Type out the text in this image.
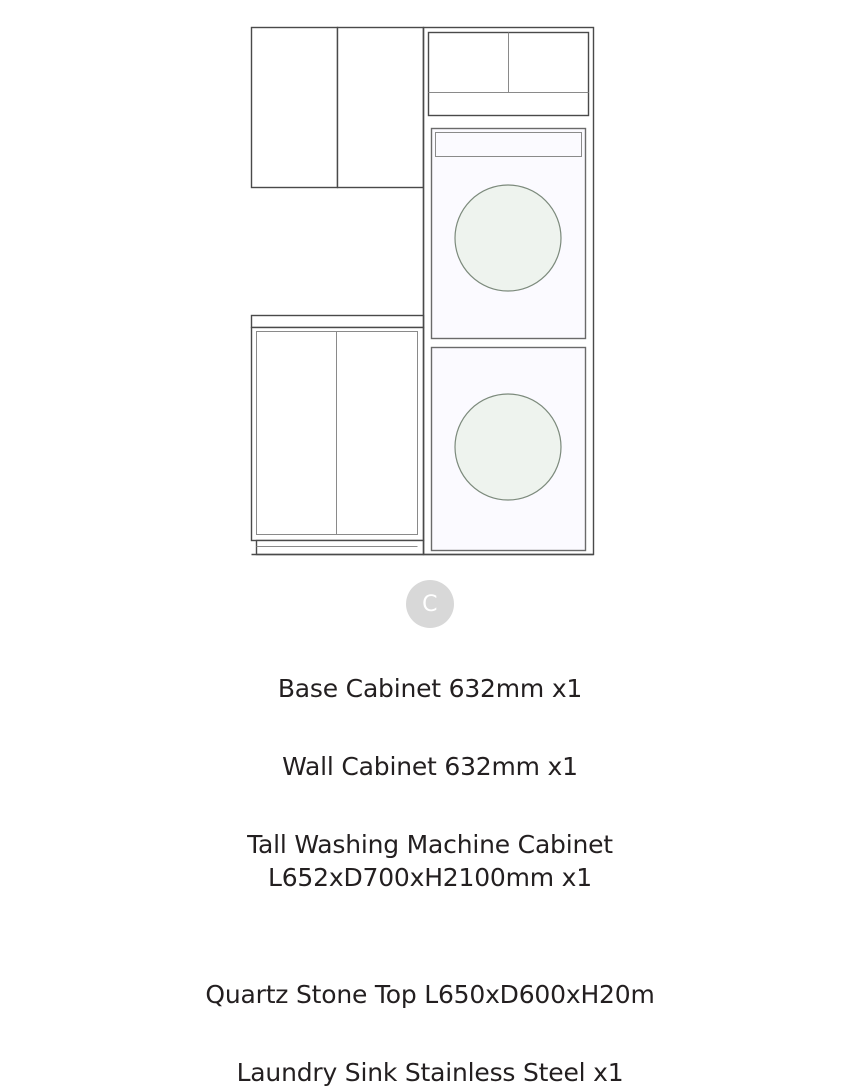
C

Base Cabinet 632mm x1

Wall Cabinet 632mm x1

Tall Washing Machine Cabinet

L652xD700xH2100mm x1

Quartz Stone Top L650xD600xH20m

Laundry Sink Stainless Steel x1
